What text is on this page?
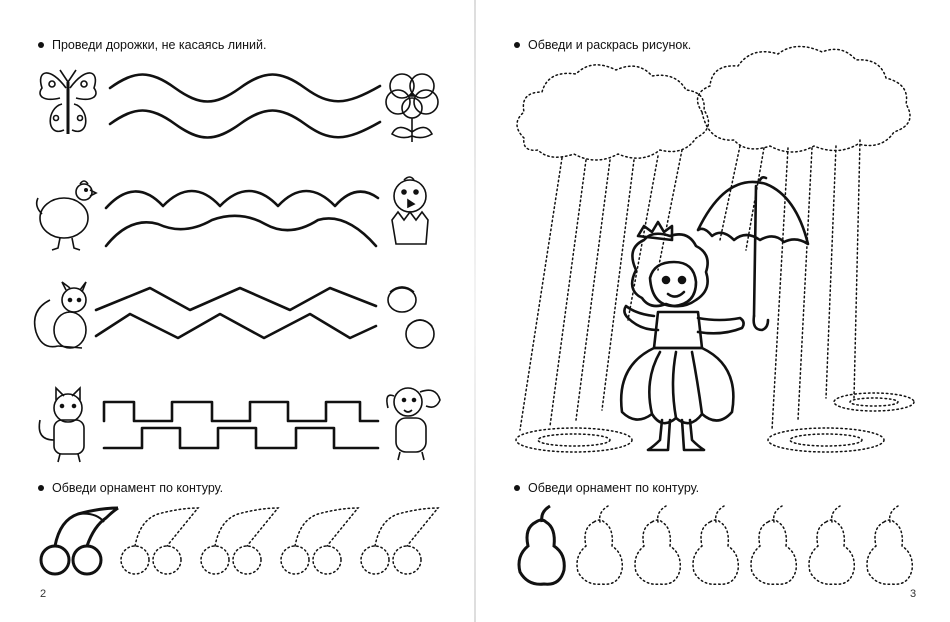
Проведи дорожки, не касаясь линий.
Обведи орнамент по контуру.
2
Обведи и раскрась рисунок.
Обведи орнамент по контуру.
3
